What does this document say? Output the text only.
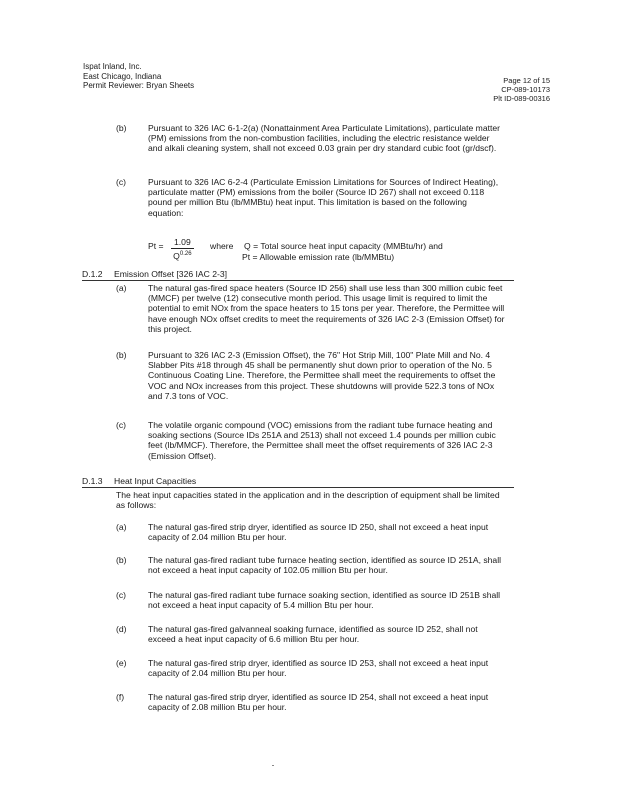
Ispat Inland, Inc.
East Chicago, Indiana
Permit Reviewer: Bryan Sheets
Page 12 of 15
CP-089-10173
Plt ID-089-00316
(b) Pursuant to 326 IAC 6-1-2(a) (Nonattainment Area Particulate Limitations), particulate matter (PM) emissions from the non-combustion facilities, including the electric resistance welder and alkali cleaning system, shall not exceed 0.03 grain per dry standard cubic foot (gr/dscf).
(c)	Pursuant to 326 IAC 6-2-4 (Particulate Emission Limitations for Sources of Indirect Heating), particulate matter (PM) emissions from the boiler (Source ID 267) shall not exceed 0.118 pound per million Btu (lb/MMBtu) heat input. This limitation is based on the following equation:
$Pt = \frac{1.09}{Q^{0.26}}$ where Q = Total source heat input capacity (MMBtu/hr) and
Pt = Allowable emission rate (lb/MMBtu)
D.1.2 Emission Offset [326 IAC 2-3]
(a) The natural gas-fired space heaters (Source ID 256) shall use less than 300 million cubic feet (MMCF) per twelve (12) consecutive month period. This usage limit is required to limit the potential to emit NOx from the space heaters to 15 tons per year. Therefore, the Permittee will have enough NOx offset credits to meet the requirements of 326 IAC 2-3 (Emission Offset) for this project.
(b) Pursuant to 326 IAC 2-3 (Emission Offset), the 76" Hot Strip Mill, 100" Plate Mill and No. 4 Slabber Pits #18 through 45 shall be permanently shut down prior to operation of the No. 5 Continuous Coating Line. Therefore, the Permittee shall meet the requirements to offset the VOC and NOx increases from this project. These shutdowns will provide 522.3 tons of NOx and 7.3 tons of VOC.
(c)	The volatile organic compound (VOC) emissions from the radiant tube furnace heating and soaking sections (Source IDs 251A and 2513) shall not exceed 1.4 pounds per million cubic feet (lb/MMCF). Therefore, the Permittee shall meet the offset requirements of 326 IAC 2-3 (Emission Offset).
D.1.3 Heat Input Capacities
The heat input capacities stated in the application and in the description of equipment shall be limited as follows:
(a) The natural gas-fired strip dryer, identified as source ID 250, shall not exceed a heat input capacity of 2.04 million Btu per hour.
(b) The natural gas-fired radiant tube furnace heating section, identified as source ID 251A, shall not exceed a heat input capacity of 102.05 million Btu per hour.
(c)	The natural gas-fired radiant tube furnace soaking section, identified as source ID 251B shall not exceed a heat input capacity of 5.4 million Btu per hour.
(d) The natural gas-fired galvanneal soaking furnace, identified as source ID 252, shall not exceed a heat input capacity of 6.6 million Btu per hour.
(e) The natural gas-fired strip dryer, identified as source ID 253, shall not exceed a heat input capacity of 2.04 million Btu per hour.
(f)	The natural gas-fired strip dryer, identified as source ID 254, shall not exceed a heat input capacity of 2.08 million Btu per hour.
